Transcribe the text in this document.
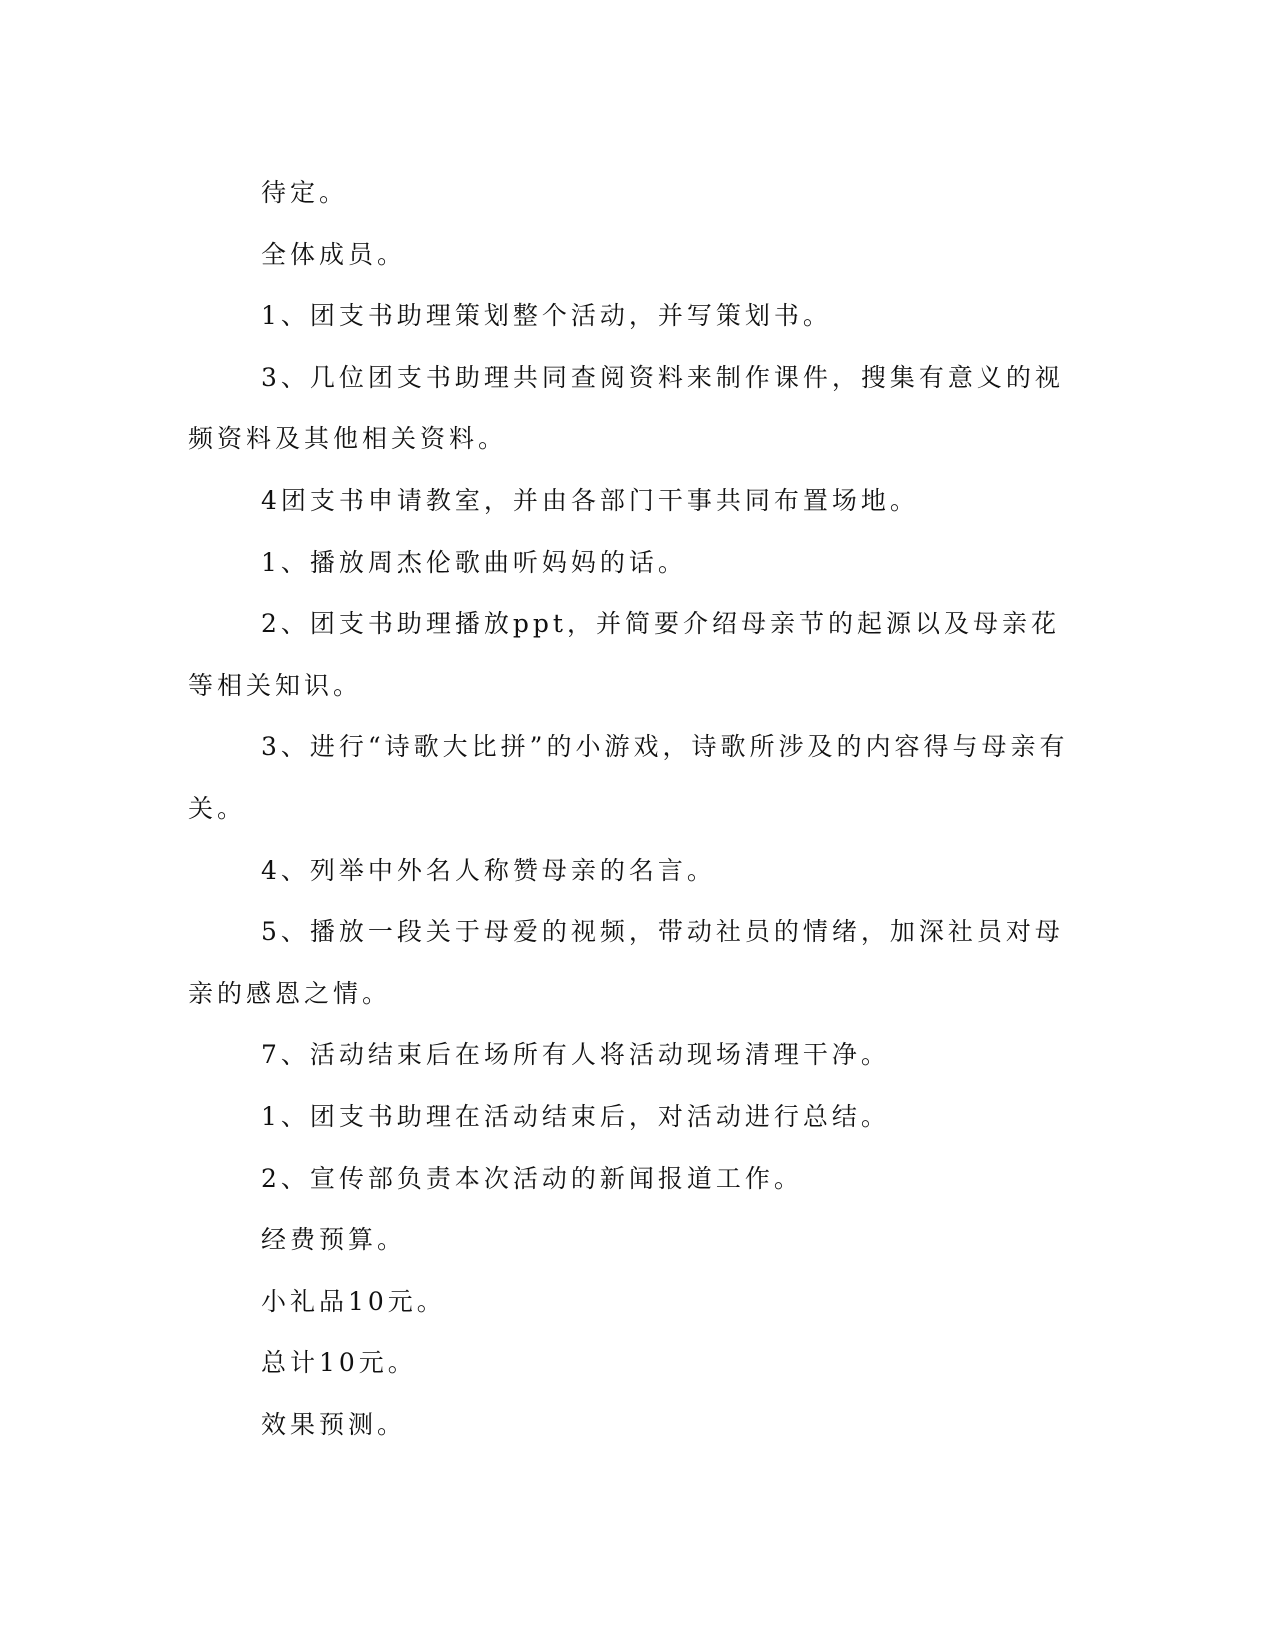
待定。

全体成员。

1、团支书助理策划整个活动，并写策划书。

3、几位团支书助理共同查阅资料来制作课件，搜集有意义的视频资料及其他相关资料。

4团支书申请教室，并由各部门干事共同布置场地。

1、播放周杰伦歌曲听妈妈的话。

2、团支书助理播放ppt，并简要介绍母亲节的起源以及母亲花等相关知识。

3、进行“诗歌大比拼”的小游戏，诗歌所涉及的内容得与母亲有关。

4、列举中外名人称赞母亲的名言。

5、播放一段关于母爱的视频，带动社员的情绪，加深社员对母亲的感恩之情。

7、活动结束后在场所有人将活动现场清理干净。

1、团支书助理在活动结束后，对活动进行总结。

2、宣传部负责本次活动的新闻报道工作。

经费预算。

小礼品10元。

总计10元。

效果预测。
